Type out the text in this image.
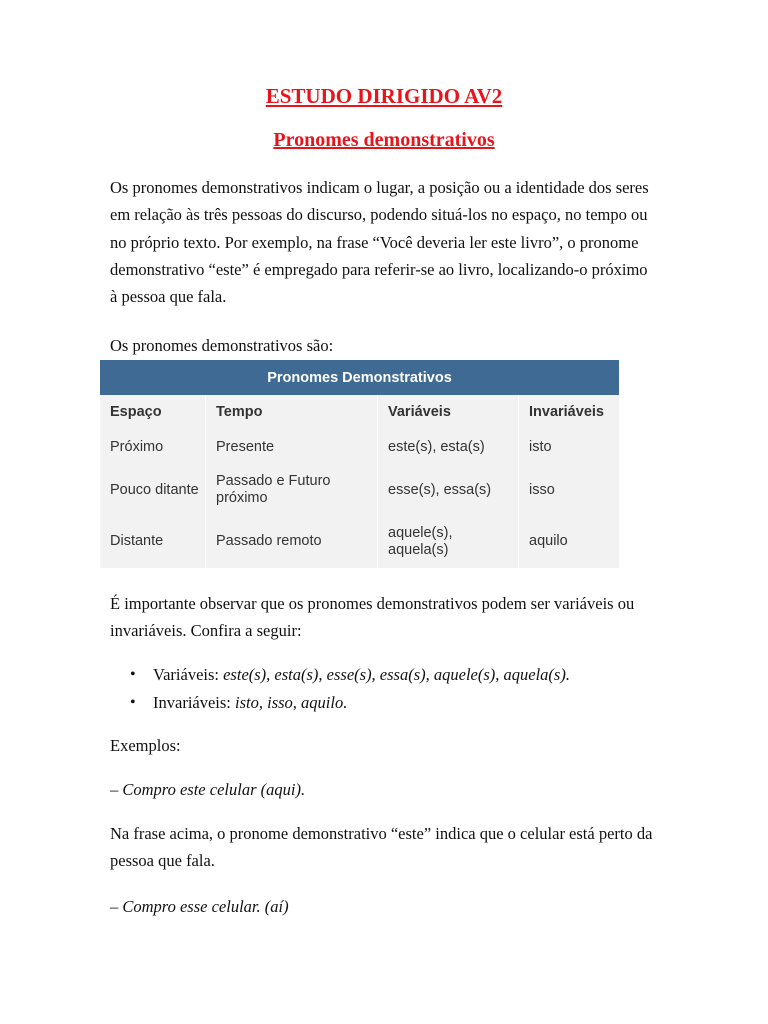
ESTUDO DIRIGIDO AV2
Pronomes demonstrativos

Os pronomes demonstrativos indicam o lugar, a posição ou a identidade dos seres em relação às três pessoas do discurso, podendo situá-los no espaço, no tempo ou no próprio texto. Por exemplo, na frase “Você deveria ler este livro”, o pronome demonstrativo “este” é empregado para referir-se ao livro, localizando-o próximo à pessoa que fala.

Os pronomes demonstrativos são:

Pronomes Demonstrativos
Espaço
Próximo
Pouco ditante
Distante
Tempo
Presente
Passado e Futuro próximo
Passado remoto
Variáveis
este(s), esta(s)
esse(s), essa(s)
aquele(s), aquela(s)
Invariáveis
isto
isso
aquilo

É importante observar que os pronomes demonstrativos podem ser variáveis ou invariáveis. Confira a seguir:

• Variáveis: este(s), esta(s), esse(s), essa(s), aquele(s), aquela(s).
• Invariáveis: isto, isso, aquilo.

Exemplos:

– Compro este celular (aqui).

Na frase acima, o pronome demonstrativo “este” indica que o celular está perto da pessoa que fala.

– Compro esse celular. (aí)
